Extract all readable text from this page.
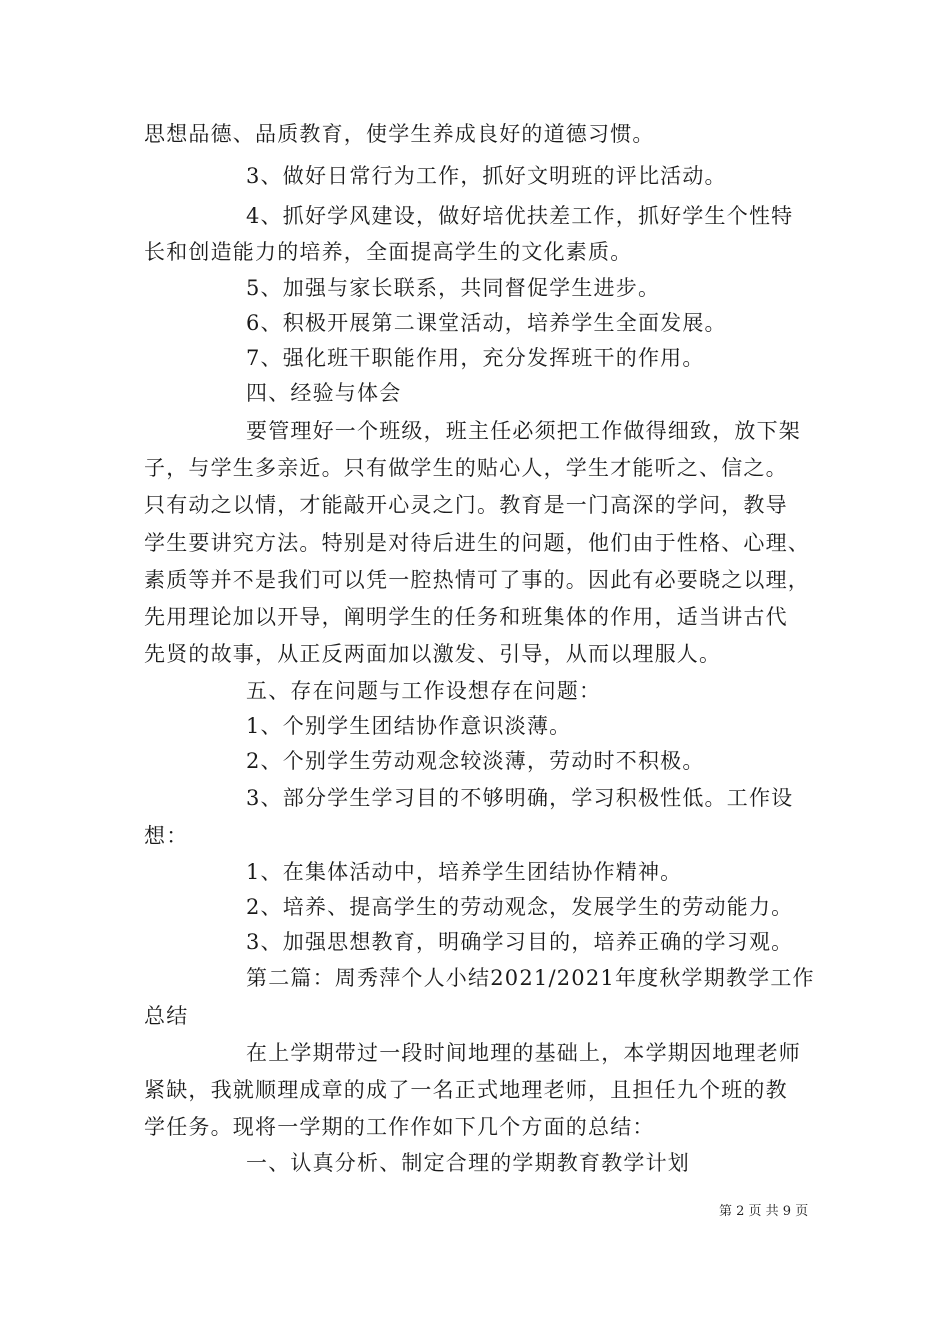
思想品德、品质教育，使学生养成良好的道德习惯。
3、做好日常行为工作，抓好文明班的评比活动。
4、抓好学风建设，做好培优扶差工作，抓好学生个性特
长和创造能力的培养，全面提高学生的文化素质。
5、加强与家长联系，共同督促学生进步。
6、积极开展第二课堂活动，培养学生全面发展。
7、强化班干职能作用，充分发挥班干的作用。
四、经验与体会
要管理好一个班级，班主任必须把工作做得细致，放下架
子，与学生多亲近。只有做学生的贴心人，学生才能听之、信之。
只有动之以情，才能敲开心灵之门。教育是一门高深的学问，教导
学生要讲究方法。特别是对待后进生的问题，他们由于性格、心理、
素质等并不是我们可以凭一腔热情可了事的。因此有必要晓之以理，
先用理论加以开导，阐明学生的任务和班集体的作用，适当讲古代
先贤的故事，从正反两面加以激发、引导，从而以理服人。
五、存在问题与工作设想存在问题：
1、个别学生团结协作意识淡薄。
2、个别学生劳动观念较淡薄，劳动时不积极。
3、部分学生学习目的不够明确，学习积极性低。工作设
想：
1、在集体活动中，培养学生团结协作精神。
2、培养、提高学生的劳动观念，发展学生的劳动能力。
3、加强思想教育，明确学习目的，培养正确的学习观。
第二篇：周秀萍个人小结2021/2021年度秋学期教学工作
总结
在上学期带过一段时间地理的基础上，本学期因地理老师
紧缺，我就顺理成章的成了一名正式地理老师，且担任九个班的教
学任务。现将一学期的工作作如下几个方面的总结：
一、认真分析、制定合理的学期教育教学计划
第 2 页 共 9 页
